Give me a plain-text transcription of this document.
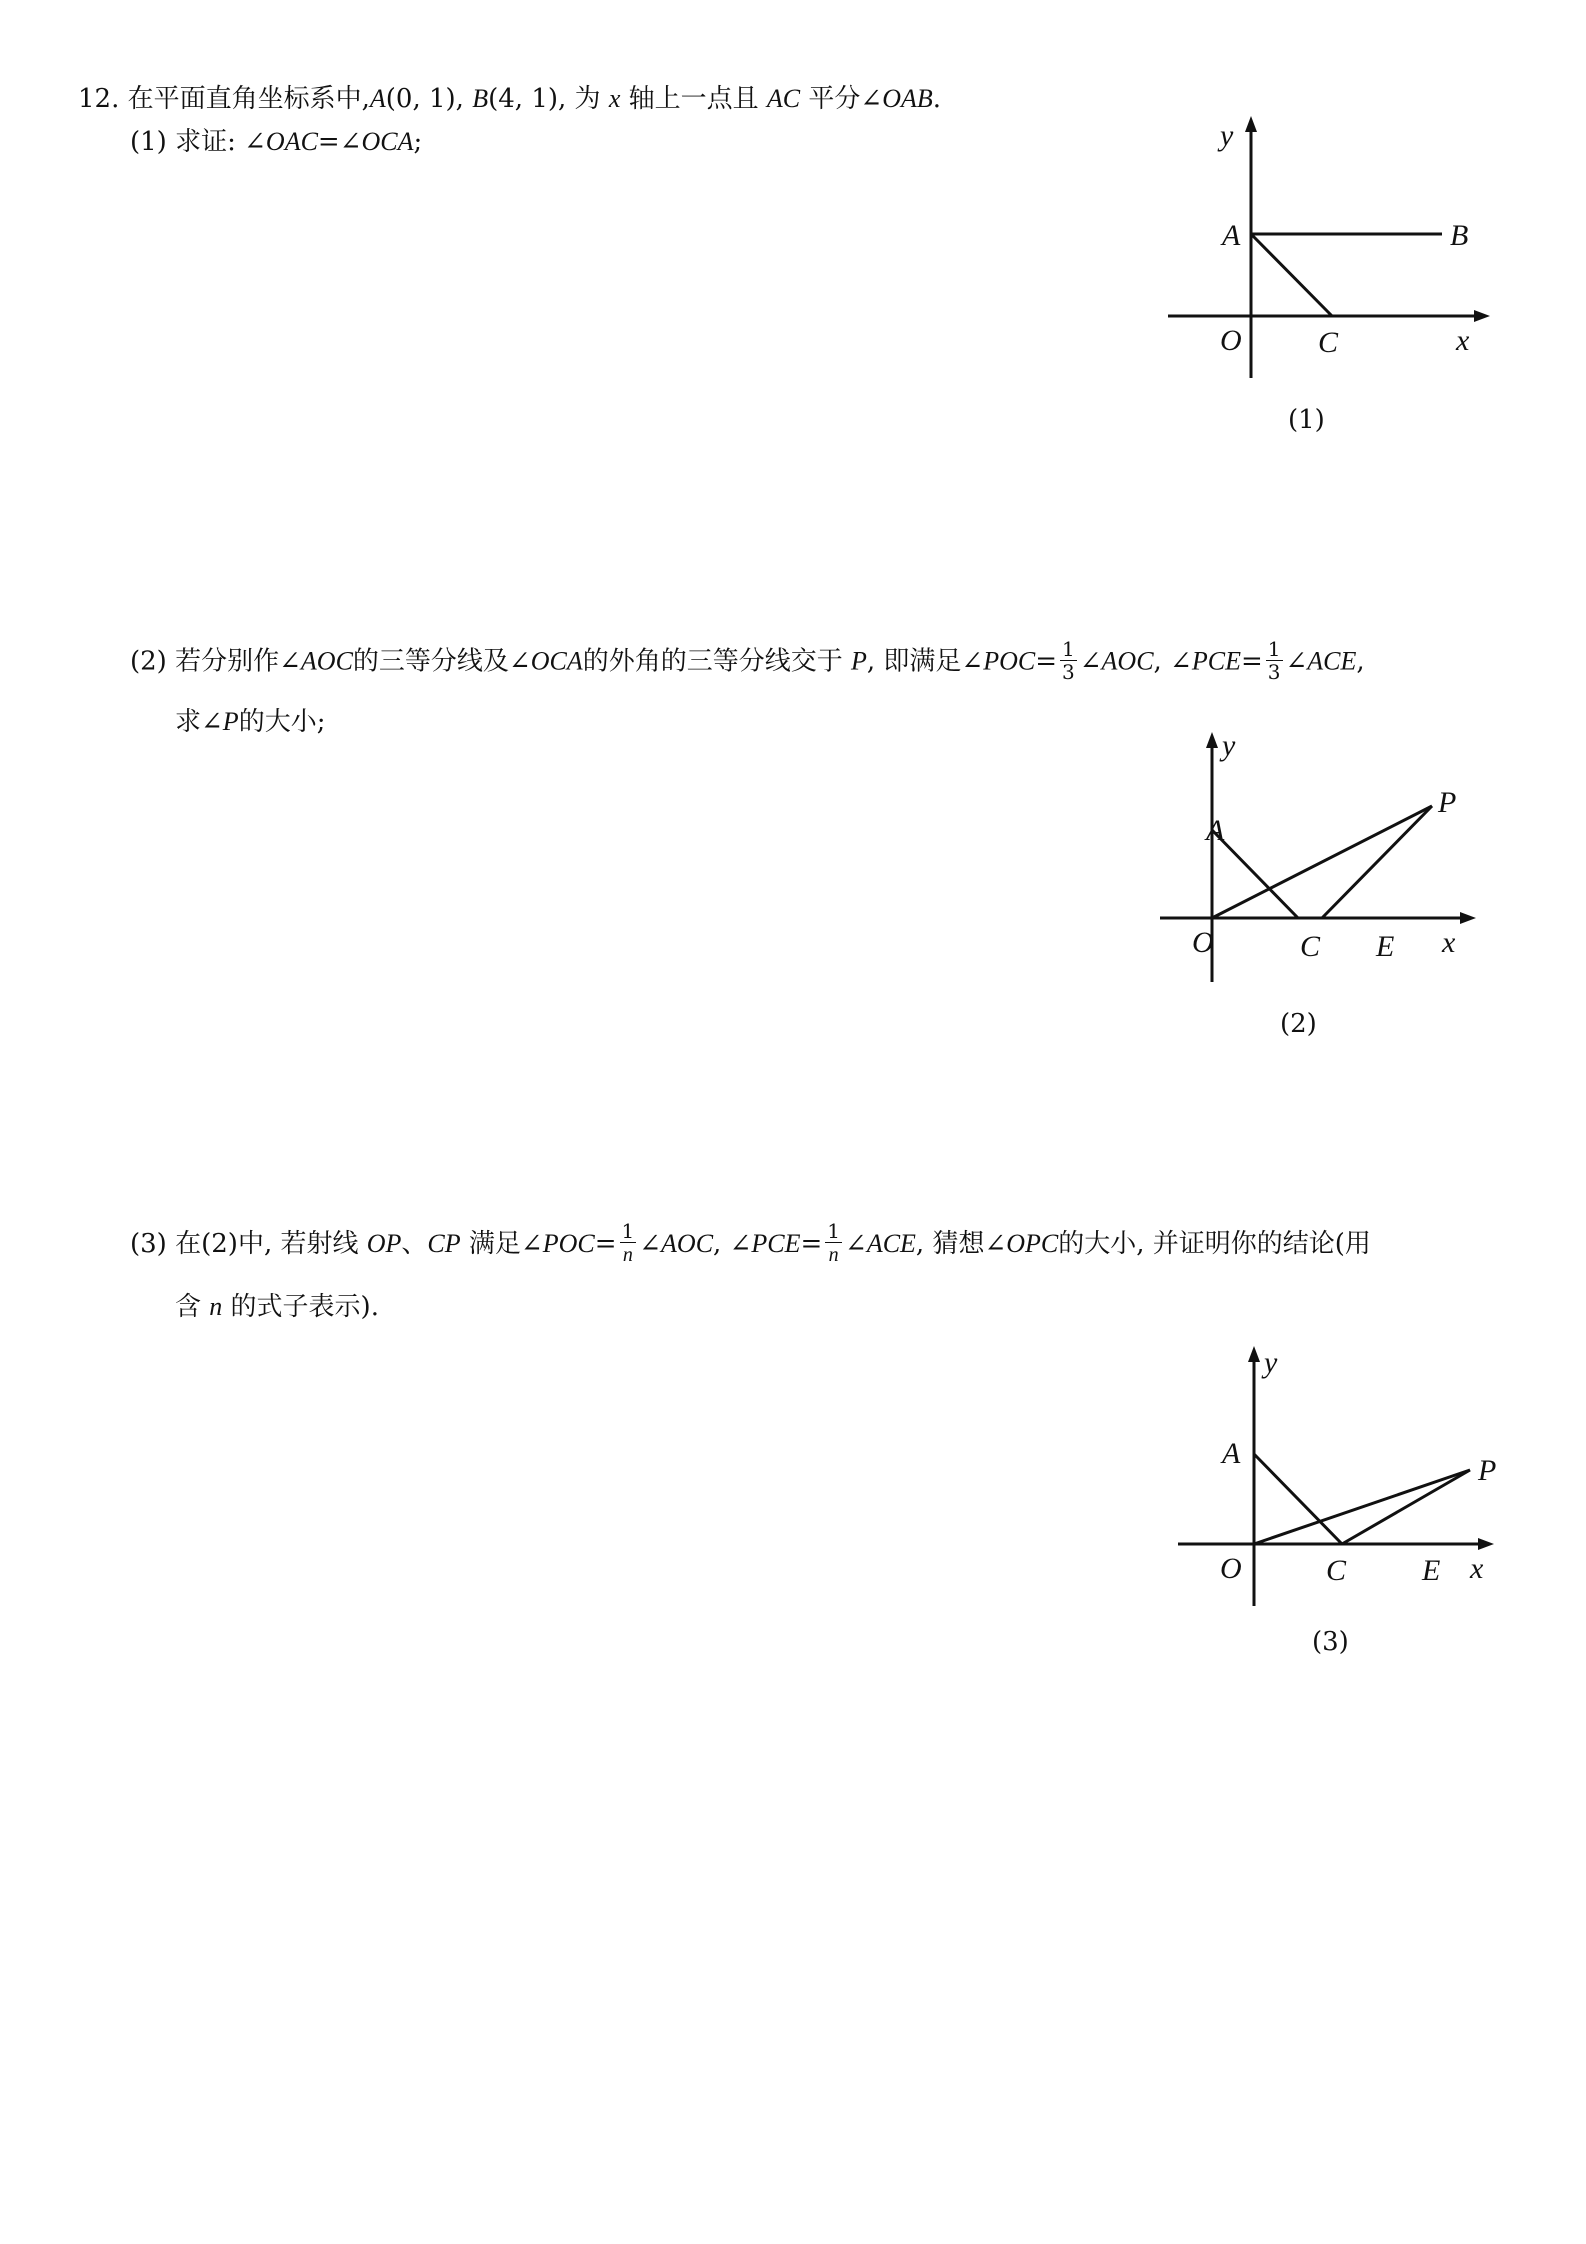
12. 在平面直角坐标系中,A(0, 1), B(4, 1), 为 x 轴上一点且 AC 平分∠OAB.
(1) 求证: ∠OAC=∠OCA;
(2) 若分别作∠AOC的三等分线及∠OCA的外角的三等分线交于 P, 即满足∠POC= $\frac{1}{3}$ ∠AOC, ∠PCE= $\frac{1}{3}$ ∠ACE,
求∠P的大小;
(3) 在(2)中, 若射线 OP、CP 满足∠POC= $\frac{1}{n}$ ∠AOC, ∠PCE= $\frac{1}{n}$ ∠ACE, 猜想∠OPC的大小, 并证明你的结论(用
含 n 的式子表示).
y
A	B
O	C	x
(1)
y
A
P
O	C E x
(2)
y
A
P
O	C	E x
(3)
